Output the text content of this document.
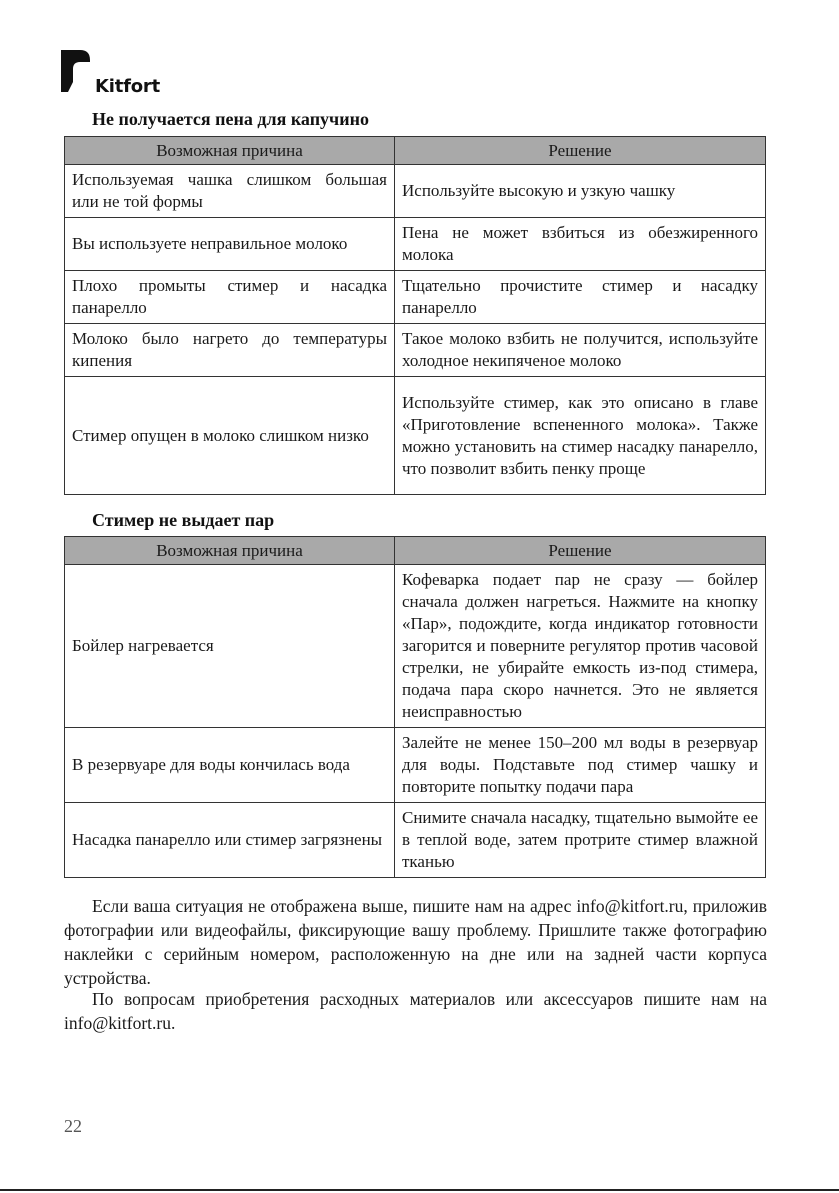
Kitfort
Не получается пена для капучино
Возможная причина	Решение
Используемая чашка слишком большая или не той формы	Используйте высокую и узкую чашку
Вы используете неправильное молоко	Пена не может взбиться из обезжиренного молока
Плохо промыты стимер и насадка панарелло	Тщательно прочистите стимер и насадку панарелло
Молоко было нагрето до температуры кипения	Такое молоко взбить не получится, используйте холодное некипяченое молоко
Стимер опущен в молоко слишком низко	Используйте стимер, как это описано в главе «Приготовление вспененного молока». Также можно установить на стимер насадку панарелло, что позволит взбить пенку проще
Стимер не выдает пар
Возможная причина	Решение
Бойлер нагревается	Кофеварка подает пар не сразу — бойлер сначала должен нагреться. Нажмите на кнопку «Пар», подождите, когда индикатор готовности загорится и поверните регулятор против часовой стрелки, не убирайте емкость из-под стимера, подача пара скоро начнется. Это не является неисправностью
В резервуаре для воды кончилась вода	Залейте не менее 150–200 мл воды в резервуар для воды. Подставьте под стимер чашку и повторите попытку подачи пара
Насадка панарелло или стимер загрязнены	Снимите сначала насадку, тщательно вымойте ее в теплой воде, затем протрите стимер влажной тканью

Если ваша ситуация не отображена выше, пишите нам на адрес info@kitfort.ru, приложив фотографии или видеофайлы, фиксирующие вашу проблему. Пришлите также фотографию наклейки с серийным номером, расположенную на дне или на задней части корпуса устройства.

По вопросам приобретения расходных материалов или аксессуаров пишите нам на info@kitfort.ru.

22
